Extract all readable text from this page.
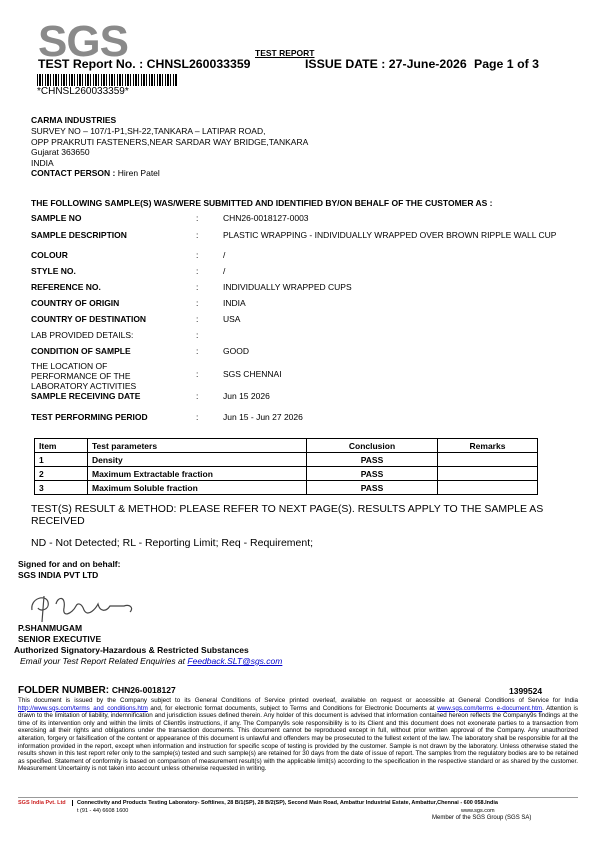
SGS	TEST REPORT
TEST Report No. : CHNSL260033359	ISSUE DATE : 27-June-2026 Page 1 of 3
*CHNSL260033359*
CARMA INDUSTRIES
SURVEY NO – 107/1-P1,SH-22,TANKARA – LATIPAR ROAD,
OPP PRAKRUTI FASTENERS,NEAR SARDAR WAY BRIDGE,TANKARA
Gujarat 363650
INDIA
CONTACT PERSON : Hiren Patel
THE FOLLOWING SAMPLE(S) WAS/WERE SUBMITTED AND IDENTIFIED BY/ON BEHALF OF THE CUSTOMER AS :
SAMPLE NO	:	CHN26-0018127-0003
SAMPLE DESCRIPTION	:	PLASTIC WRAPPING - INDIVIDUALLY WRAPPED OVER BROWN RIPPLE WALL CUP
COLOUR	:	/
STYLE NO.	:	/
REFERENCE NO.	:	INDIVIDUALLY WRAPPED CUPS
COUNTRY OF ORIGIN	:	INDIA
COUNTRY OF DESTINATION	:	USA
LAB PROVIDED DETAILS:	:
CONDITION OF SAMPLE	:	GOOD
THE LOCATION OF PERFORMANCE OF THE LABORATORY ACTIVITIES
:	SGS CHENNAI
SAMPLE RECEIVING DATE	:	Jun 15 2026
TEST PERFORMING PERIOD	:	Jun 15 - Jun 27 2026
Item	Test parameters	Conclusion	Remarks
1	Density	PASS	
2	Maximum Extractable fraction	PASS	
3	Maximum Soluble fraction	PASS	
TEST(S) RESULT & METHOD: PLEASE REFER TO NEXT PAGE(S). RESULTS APPLY TO THE SAMPLE AS RECEIVED
ND - Not Detected; RL - Reporting Limit; Req - Requirement;
Signed for and on behalf:
SGS INDIA PVT LTD
P.SHANMUGAM
SENIOR EXECUTIVE
Authorized Signatory-Hazardous & Restricted Substances
Email your Test Report Related Enquiries at Feedback.SLT@sgs.com
FOLDER NUMBER: CHN26-0018127	1399524
This document is issued by the Company subject to its General Conditions of Service printed overleaf, available on request or accessible at General Conditions of Service for India http://www.sgs.com/terms_and_conditions.htm and, for electronic format documents, subject to Terms and Conditions for Electronic Documents at www.sgs.com/terms_e-document.htm. Attention is drawn to the limitation of liability, indemnification and jurisdiction issues defined therein. Any holder of this document is advised that information contained hereon reflects the Company9s findings at the time of its intervention only and within the limits of Client9s instructions, if any. The Company9s sole responsibility is to its Client and this document does not exonerate parties to a transaction from exercising all their rights and obligations under the transaction documents. This document cannot be reproduced except in full, without prior written approval of the Company. Any unauthorized alteration, forgery or falsification of the content or appearance of this document is unlawful and offenders may be prosecuted to the fullest extent of the law. The laboratory shall be responsible for all the information provided in the report, except when information and instruction for specific scope of testing is provided by the customer. Sample is not drawn by the laboratory. Unless otherwise stated the results shown in this test report refer only to the sample(s) tested and such sample(s) are retained for 30 days from the date of issue of report. The samples from the regulatory bodies are to be retained as specified. Statement of conformity is based on comparison of measurement result(s) with the applicable limit(s) according to the specification in the respective standard or as shared by the customer. Measurement Uncertainty is not taken into account unless otherwise requested in writing.
SGS India Pvt. Ltd	Connectivity and Products Testing Laboratory- Softlines, 28 B/1(SP), 28 B/2(SP), Second Main Road, Ambattur Industrial Estate, Ambattur,Chennai - 600 058.India
t (91 - 44) 6608 1600	www.sgs.com
Member of the SGS Group (SGS SA)
